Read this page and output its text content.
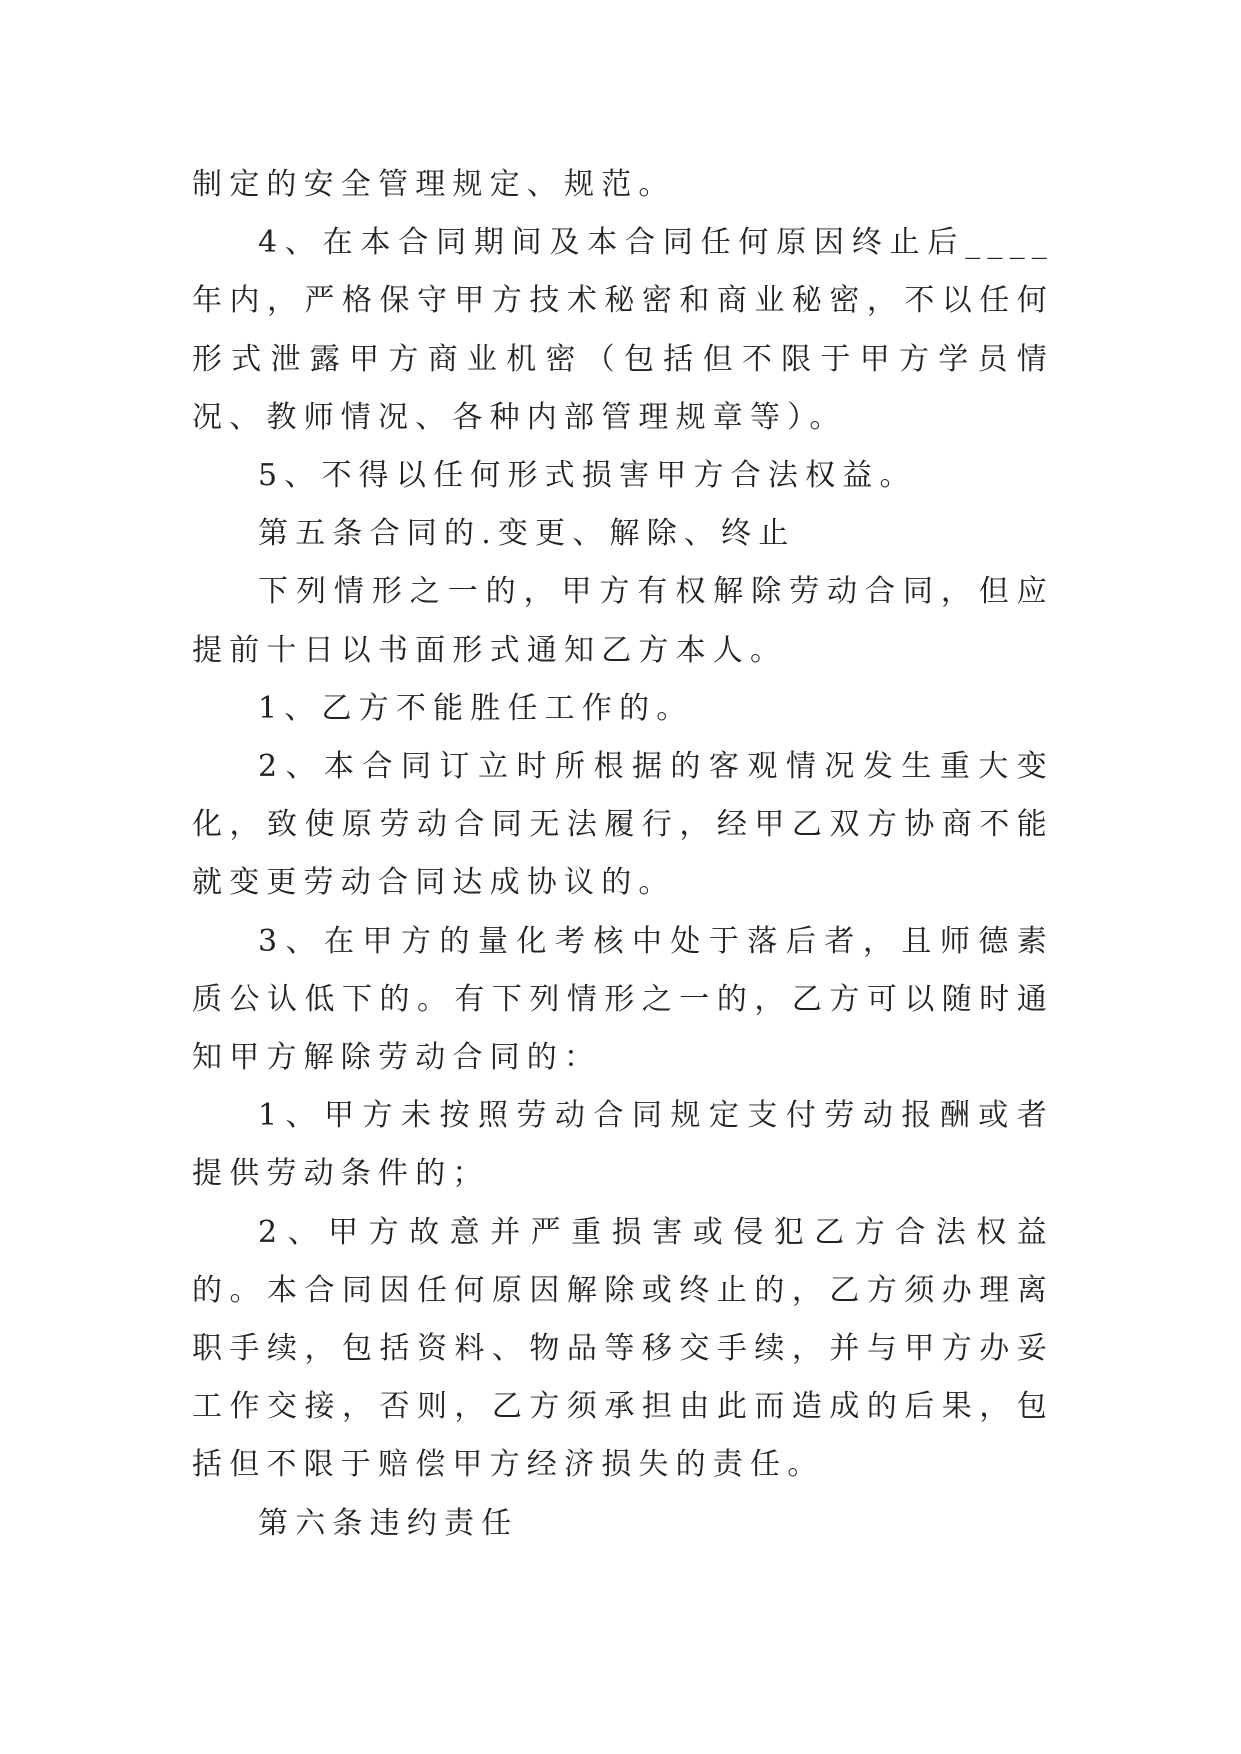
制定的安全管理规定、规范。

4、在本合同期间及本合同任何原因终止后____年内，严格保守甲方技术秘密和商业秘密，不以任何形式泄露甲方商业机密（包括但不限于甲方学员情况、教师情况、各种内部管理规章等）。

5、不得以任何形式损害甲方合法权益。

第五条合同的.变更、解除、终止

下列情形之一的，甲方有权解除劳动合同，但应提前十日以书面形式通知乙方本人。

1、乙方不能胜任工作的。

2、本合同订立时所根据的客观情况发生重大变化，致使原劳动合同无法履行，经甲乙双方协商不能就变更劳动合同达成协议的。

3、在甲方的量化考核中处于落后者，且师德素质公认低下的。有下列情形之一的，乙方可以随时通知甲方解除劳动合同的：

1、甲方未按照劳动合同规定支付劳动报酬或者提供劳动条件的；

2、甲方故意并严重损害或侵犯乙方合法权益的。本合同因任何原因解除或终止的，乙方须办理离职手续，包括资料、物品等移交手续，并与甲方办妥工作交接，否则，乙方须承担由此而造成的后果，包括但不限于赔偿甲方经济损失的责任。

第六条违约责任
